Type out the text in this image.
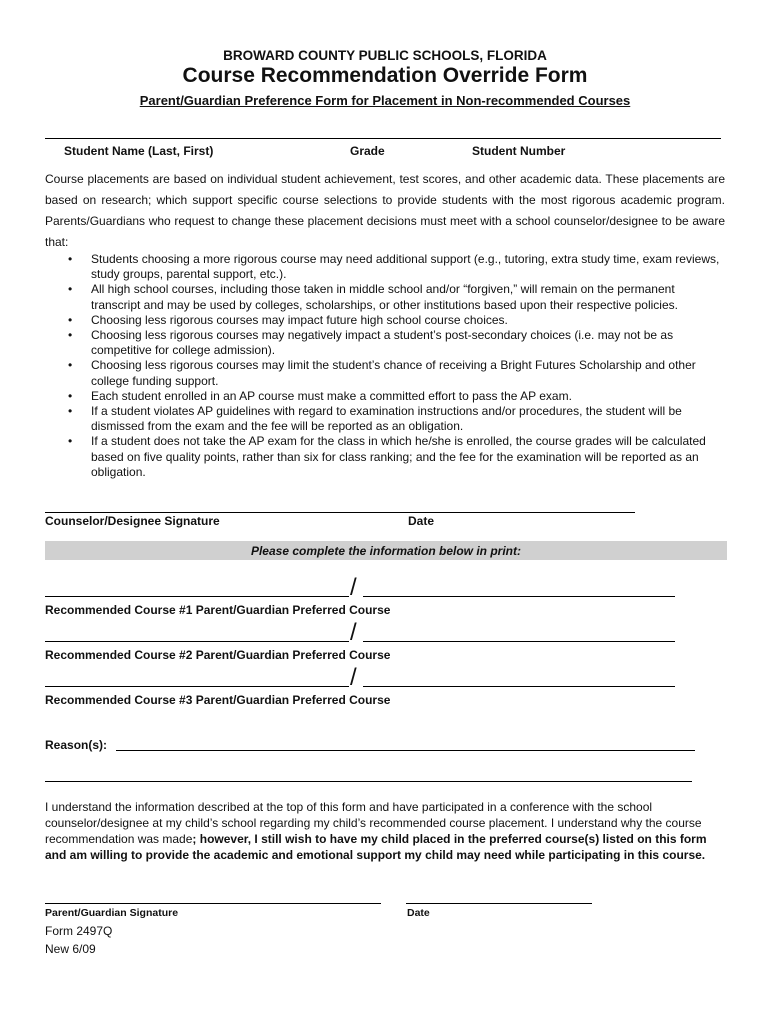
BROWARD COUNTY PUBLIC SCHOOLS, FLORIDA
Course Recommendation Override Form
Parent/Guardian Preference Form for Placement in Non-recommended Courses
Student Name (Last, First)	Grade	Student Number
Course placements are based on individual student achievement, test scores, and other academic data. These placements are based on research; which support specific course selections to provide students with the most rigorous academic program. Parents/Guardians who request to change these placement decisions must meet with a school counselor/designee to be aware that:
• Students choosing a more rigorous course may need additional support (e.g., tutoring, extra study time, exam reviews, study groups, parental support, etc.).
• All high school courses, including those taken in middle school and/or “forgiven,” will remain on the permanent transcript and may be used by colleges, scholarships, or other institutions based upon their respective policies.
• Choosing less rigorous courses may impact future high school course choices.
• Choosing less rigorous courses may negatively impact a student’s post-secondary choices (i.e. may not be as competitive for college admission).
• Choosing less rigorous courses may limit the student’s chance of receiving a Bright Futures Scholarship and other college funding support.
• Each student enrolled in an AP course must make a committed effort to pass the AP exam.
• If a student violates AP guidelines with regard to examination instructions and/or procedures, the student will be dismissed from the exam and the fee will be reported as an obligation.
• If a student does not take the AP exam for the class in which he/she is enrolled, the course grades will be calculated based on five quality points, rather than six for class ranking; and the fee for the examination will be reported as an obligation.
Counselor/Designee Signature	Date
Please complete the information below in print:
/
Recommended Course #1 Parent/Guardian Preferred Course
/
Recommended Course #2 Parent/Guardian Preferred Course
/
Recommended Course #3 Parent/Guardian Preferred Course
Reason(s):
I understand the information described at the top of this form and have participated in a conference with the school counselor/designee at my child’s school regarding my child’s recommended course placement. I understand why the course recommendation was made; however, I still wish to have my child placed in the preferred course(s) listed on this form and am willing to provide the academic and emotional support my child may need while participating in this course.
Parent/Guardian Signature	Date
Form 2497Q
New 6/09
